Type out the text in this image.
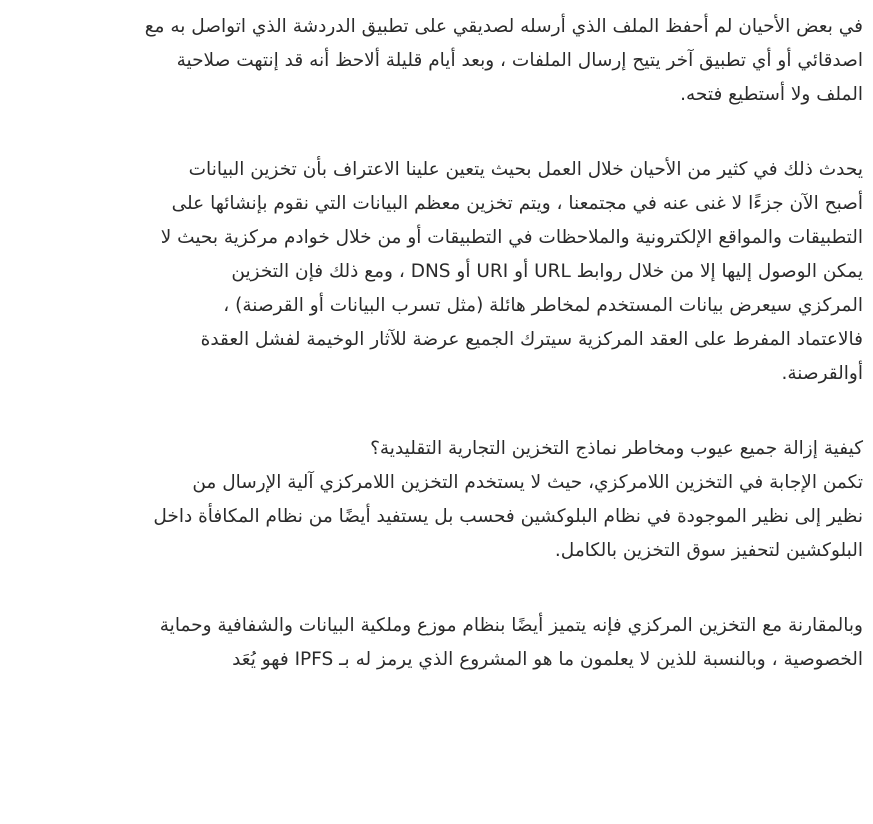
في بعض الأحيان لم أحفظ الملف الذي أرسله لصديقي على تطبيق الدردشة الذي اتواصل به مع
اصدقائي أو أي تطبيق آخر يتيح إرسال الملفات ، وبعد أيام قليلة ألاحظ أنه قد إنتهت صلاحية
الملف ولا أستطيع فتحه.
يحدث ذلك في كثير من الأحيان خلال العمل بحيث يتعين علينا الاعتراف بأن تخزين البيانات
أصبح الآن جزءًا لا غنى عنه في مجتمعنا ، ويتم تخزين معظم البيانات التي نقوم بإنشائها على
التطبيقات والمواقع الإلكترونية والملاحظات في التطبيقات أو من خلال خوادم مركزية بحيث لا
يمكن الوصول إليها إلا من خلال روابط URL أو URI أو DNS ، ومع ذلك فإن التخزين
المركزي سيعرض بيانات المستخدم لمخاطر هائلة (مثل تسرب البيانات أو القرصنة) ،
فالاعتماد المفرط على العقد المركزية سيترك الجميع عرضة للآثار الوخيمة لفشل العقدة
أوالقرصنة.
كيفية إزالة جميع عيوب ومخاطر نماذج التخزين التجارية التقليدية؟
تكمن الإجابة في التخزين اللامركزي، حيث لا يستخدم التخزين اللامركزي آلية الإرسال من
نظير إلى نظير الموجودة في نظام البلوكشين فحسب بل يستفيد أيضًا من نظام المكافأة داخل
البلوكشين لتحفيز سوق التخزين بالكامل.
وبالمقارنة مع التخزين المركزي فإنه يتميز أيضًا بنظام موزع وملكية البيانات والشفافية وحماية
الخصوصية ، وبالنسبة للذين لا يعلمون ما هو المشروع الذي يرمز له بـ IPFS فهو يُعَد
